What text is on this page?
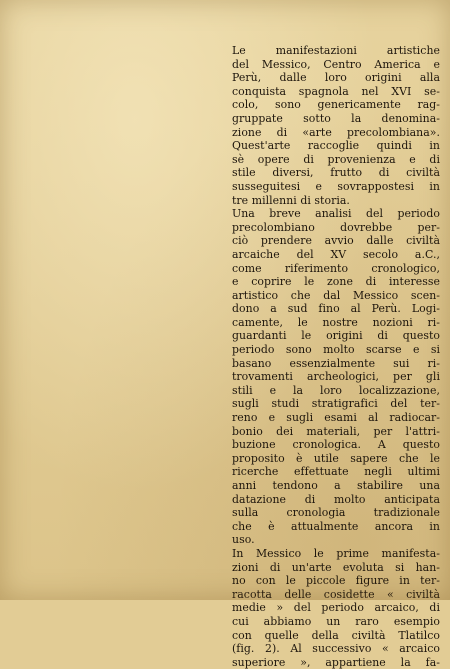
Le manifestazioni artistiche
del Messico, Centro America e
Perù, dalle loro origini alla
conquista spagnola nel XVI se-
colo, sono genericamente rag-
gruppate sotto la denomina-
zione di «arte precolombiana».
Quest'arte raccoglie quindi in
sè opere di provenienza e di
stile diversi, frutto di civiltà
susseguitesi e sovrappostesi in
tre millenni di storia.

Una breve analisi del periodo
precolombiano dovrebbe per-
ciò prendere avvio dalle civiltà
arcaiche del XV secolo a.C.,
come riferimento cronologico,
e coprire le zone di interesse
artistico che dal Messico scen-
dono a sud fino al Perù. Logi-
camente, le nostre nozioni ri-
guardanti le origini di questo
periodo sono molto scarse e si
basano essenzialmente sui ri-
trovamenti archeologici, per gli
stili e la loro localizzazione,
sugli studi stratigrafici del ter-
reno e sugli esami al radiocar-
bonio dei materiali, per l'attri-
buzione cronologica. A questo
proposito è utile sapere che le
ricerche effettuate negli ultimi
anni tendono a stabilire una
datazione di molto anticipata
sulla cronologia tradizionale
che è attualmente ancora in
uso.

In Messico le prime manifesta-
zioni di un'arte evoluta si han-
no con le piccole figure in ter-
racotta delle cosidette « civiltà
medie » del periodo arcaico, di
cui abbiamo un raro esempio
con quelle della civiltà Tlatilco
(fig. 2). Al successivo « arcaico
superiore », appartiene la fa-
